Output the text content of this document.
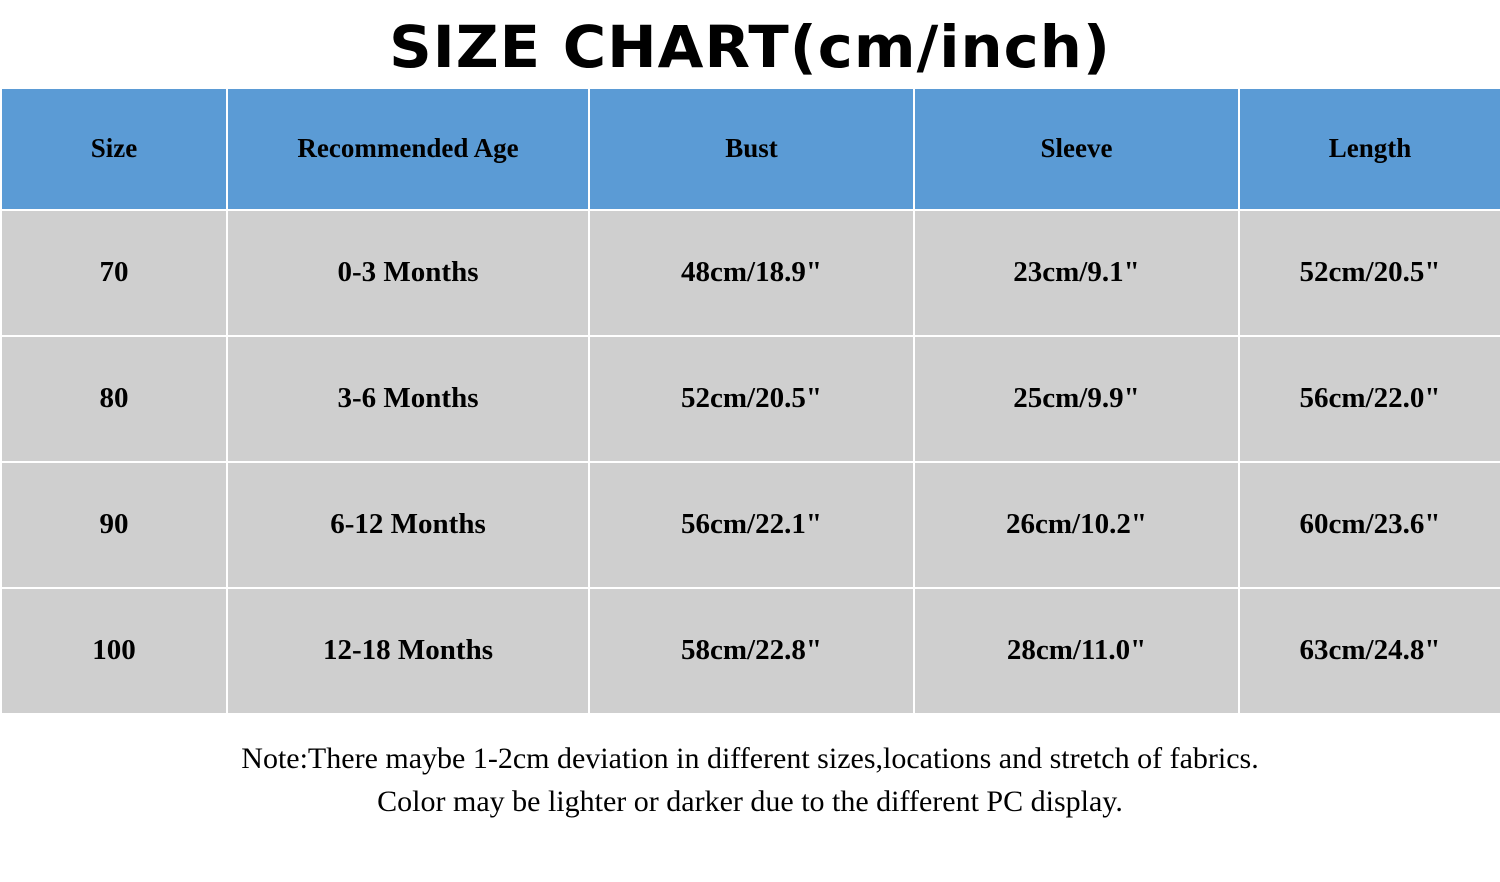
SIZE CHART(cm/inch)
Size	Recommended Age	Bust	Sleeve	Length
70	0-3 Months	48cm/18.9"	23cm/9.1"	52cm/20.5"
80	3-6 Months	52cm/20.5"	25cm/9.9"	56cm/22.0"
90	6-12 Months	56cm/22.1"	26cm/10.2"	60cm/23.6"
100	12-18 Months	58cm/22.8"	28cm/11.0"	63cm/24.8"
Note:There maybe 1-2cm deviation in different sizes,locations and stretch of fabrics.
Color may be lighter or darker due to the different PC display.
